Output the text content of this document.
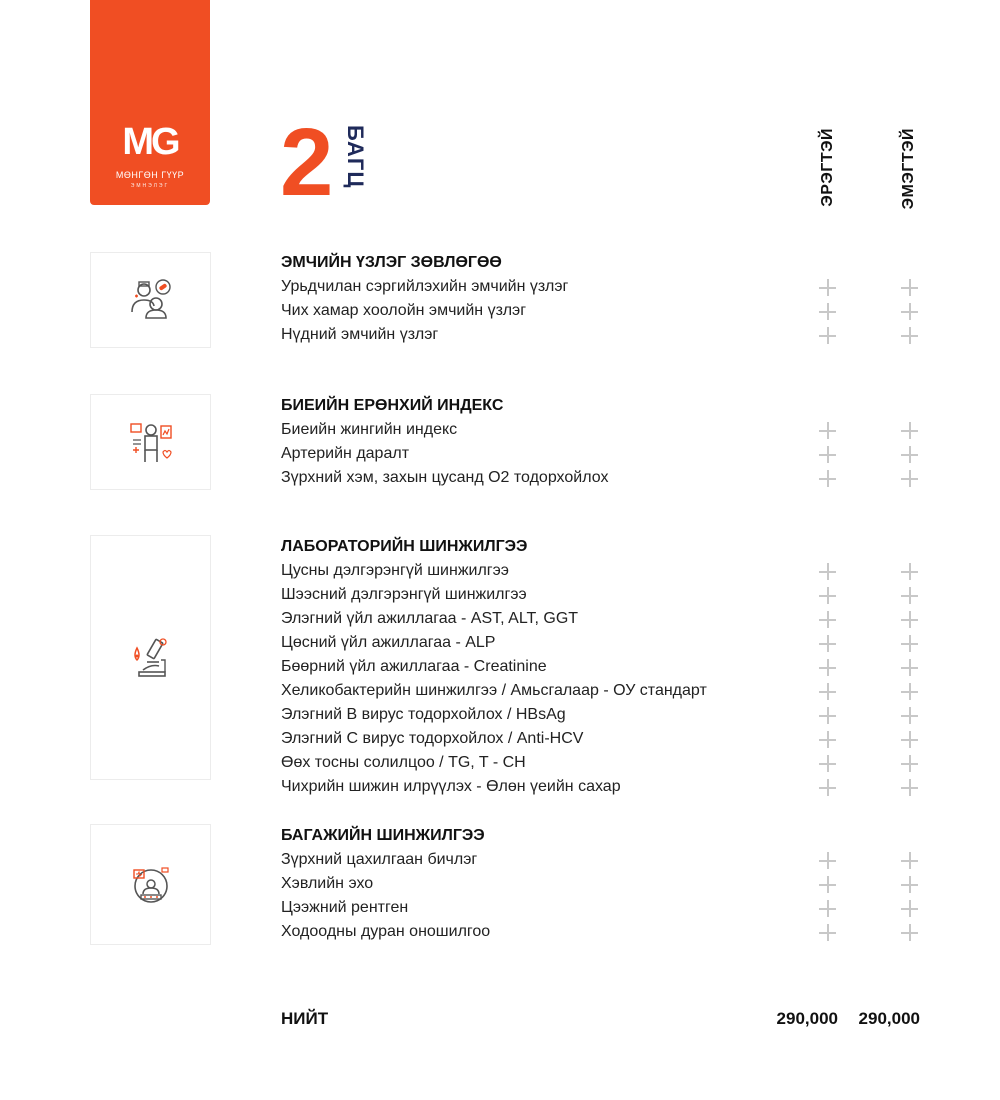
MG
МӨНГӨН ГҮҮР
ЭМНЭЛЭГ	2 БАГЦ	ЭРЭГТЭЙ	ЭМЭГТЭЙ
ЭМЧИЙН ҮЗЛЭГ ЗӨВЛӨГӨӨ
Урьдчилан сэргийлэхийн эмчийн үзлэг
Чих хамар хоолойн эмчийн үзлэг
Нүдний эмчийн үзлэг
БИЕИЙН ЕРӨНХИЙ ИНДЕКС
Биеийн жингийн индекс
Артерийн даралт
Зүрхний хэм, захын цусанд O2 тодорхойлох
ЛАБОРАТОРИЙН ШИНЖИЛГЭЭ
Цусны дэлгэрэнгүй шинжилгээ
Шээсний дэлгэрэнгүй шинжилгээ
Элэгний үйл ажиллагаа - AST, ALT, GGT
Цөсний үйл ажиллагаа - ALP
Бөөрний үйл ажиллагаа - Creatinine
Хеликобактерийн шинжилгээ / Амьсгалаар - ОУ стандарт
Элэгний В вирус тодорхойлох / HBsAg
Элэгний С вирус тодорхойлох / Anti-HCV
Өөх тосны солилцоо / TG, T - CH
Чихрийн шижин илрүүлэх - Өлөн үеийн сахар
БАГАЖИЙН ШИНЖИЛГЭЭ
Зүрхний цахилгаан бичлэг
Хэвлийн эхо
Цээжний рентген
Ходоодны дуран оношилгоо
НИЙТ	290,000	290,000
